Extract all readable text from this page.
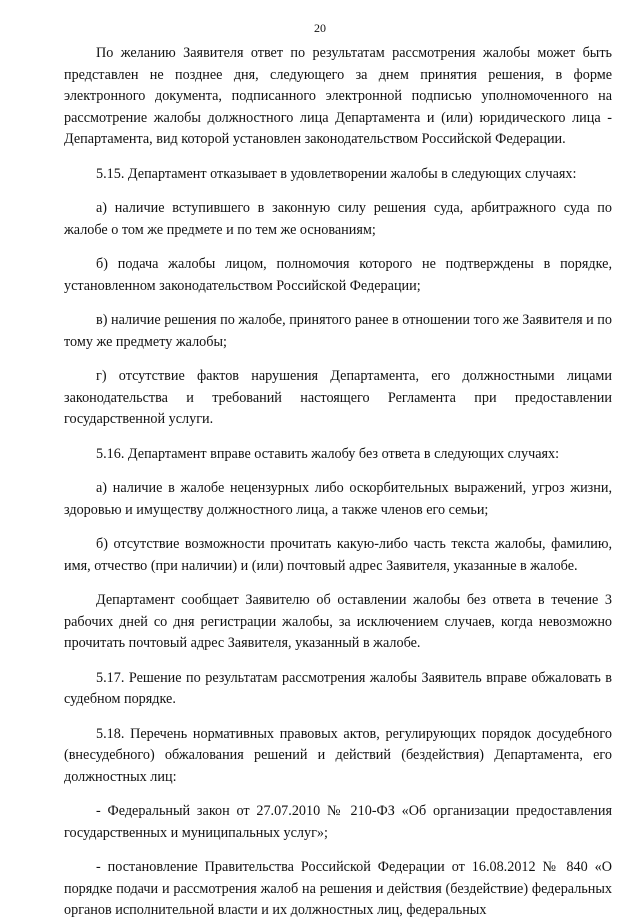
20

По желанию Заявителя ответ по результатам рассмотрения жалобы может быть представлен не позднее дня, следующего за днем принятия решения, в форме электронного документа, подписанного электронной подписью уполномоченного на рассмотрение жалобы должностного лица Департамента и (или) юридического лица - Департамента, вид которой установлен законодательством Российской Федерации.

5.15. Департамент отказывает в удовлетворении жалобы в следующих случаях:

а) наличие вступившего в законную силу решения суда, арбитражного суда по жалобе о том же предмете и по тем же основаниям;

б) подача жалобы лицом, полномочия которого не подтверждены в порядке, установленном законодательством Российской Федерации;

в) наличие решения по жалобе, принятого ранее в отношении того же Заявителя и по тому же предмету жалобы;

г) отсутствие фактов нарушения Департамента, его должностными лицами законодательства и требований настоящего Регламента при предоставлении государственной услуги.

5.16. Департамент вправе оставить жалобу без ответа в следующих случаях:

а) наличие в жалобе нецензурных либо оскорбительных выражений, угроз жизни, здоровью и имуществу должностного лица, а также членов его семьи;

б) отсутствие возможности прочитать какую-либо часть текста жалобы, фамилию, имя, отчество (при наличии) и (или) почтовый адрес Заявителя, указанные в жалобе.

Департамент сообщает Заявителю об оставлении жалобы без ответа в течение 3 рабочих дней со дня регистрации жалобы, за исключением случаев, когда невозможно прочитать почтовый адрес Заявителя, указанный в жалобе.

5.17. Решение по результатам рассмотрения жалобы Заявитель вправе обжаловать в судебном порядке.

5.18. Перечень нормативных правовых актов, регулирующих порядок досудебного (внесудебного) обжалования решений и действий (бездействия) Департамента, его должностных лиц:

- Федеральный закон от 27.07.2010 № 210-ФЗ «Об организации предоставления государственных и муниципальных услуг»;

- постановление Правительства Российской Федерации от 16.08.2012 № 840 «О порядке подачи и рассмотрения жалоб на решения и действия (бездействие) федеральных органов исполнительной власти и их должностных лиц, федеральных
